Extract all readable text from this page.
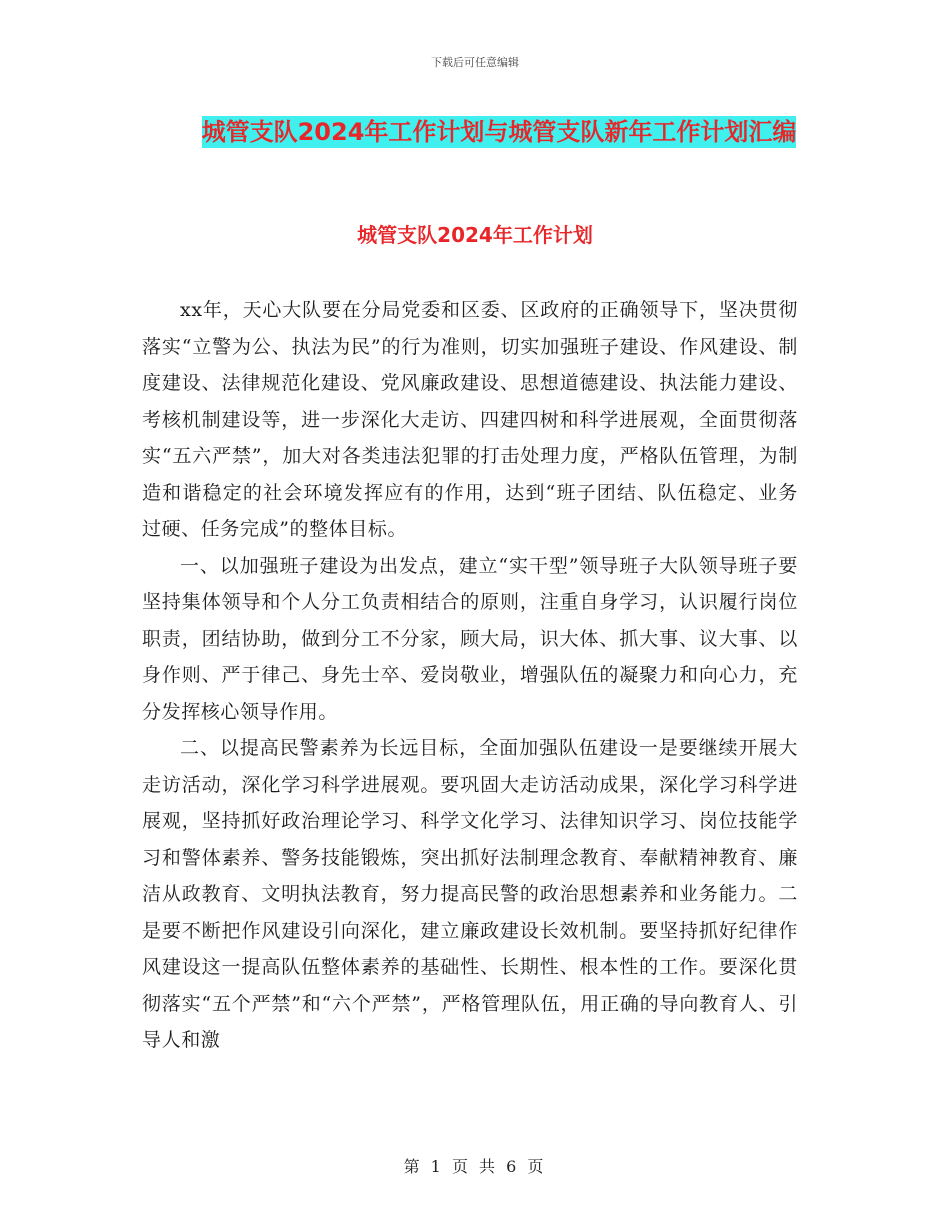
下载后可任意编辑
城管支队2024年工作计划与城管支队新年工作计划汇编
城管支队2024年工作计划

xx年，天心大队要在分局党委和区委、区政府的正确领导下，坚决贯彻落实“立警为公、执法为民”的行为准则，切实加强班子建设、作风建设、制度建设、法律规范化建设、党风廉政建设、思想道德建设、执法能力建设、考核机制建设等，进一步深化大走访、四建四树和科学进展观，全面贯彻落实“五六严禁”，加大对各类违法犯罪的打击处理力度，严格队伍管理，为制造和谐稳定的社会环境发挥应有的作用，达到“班子团结、队伍稳定、业务过硬、任务完成”的整体目标。

一、以加强班子建设为出发点，建立“实干型”领导班子大队领导班子要坚持集体领导和个人分工负责相结合的原则，注重自身学习，认识履行岗位职责，团结协助，做到分工不分家，顾大局，识大体、抓大事、议大事、以身作则、严于律己、身先士卒、爱岗敬业，增强队伍的凝聚力和向心力，充分发挥核心领导作用。

二、以提高民警素养为长远目标，全面加强队伍建设一是要继续开展大走访活动，深化学习科学进展观。要巩固大走访活动成果，深化学习科学进展观，坚持抓好政治理论学习、科学文化学习、法律知识学习、岗位技能学习和警体素养、警务技能锻炼，突出抓好法制理念教育、奉献精神教育、廉洁从政教育、文明执法教育，努力提高民警的政治思想素养和业务能力。二是要不断把作风建设引向深化，建立廉政建设长效机制。要坚持抓好纪律作风建设这一提高队伍整体素养的基础性、长期性、根本性的工作。要深化贯彻落实“五个严禁”和“六个严禁”，严格管理队伍，用正确的导向教育人、引导人和激

第 1 页 共 6 页
